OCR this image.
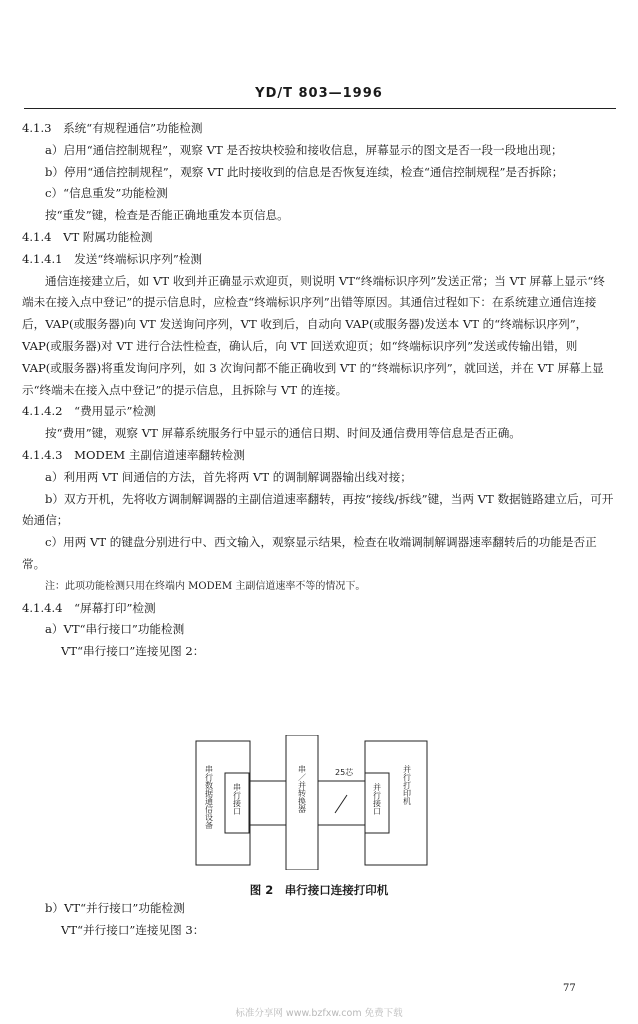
YD/T 803—1996

4.1.3　系统“有规程通信”功能检测

a）启用“通信控制规程”，观察 VT 是否按块校验和接收信息，屏幕显示的图文是否一段一段地出现；

b）停用“通信控制规程”，观察 VT 此时接收到的信息是否恢复连续，检查“通信控制规程”是否拆除；

c）“信息重发”功能检测

按“重发”键，检查是否能正确地重发本页信息。

4.1.4　VT 附属功能检测

4.1.4.1　发送“终端标识序列”检测

通信连接建立后，如 VT 收到并正确显示欢迎页，则说明 VT“终端标识序列”发送正常；当 VT 屏幕上显示“终端未在接入点中登记”的提示信息时，应检查“终端标识序列”出错等原因。其通信过程如下：在系统建立通信连接后，VAP(或服务器)向 VT 发送询问序列，VT 收到后，自动向 VAP(或服务器)发送本 VT 的“终端标识序列”，VAP(或服务器)对 VT 进行合法性检查，确认后，向 VT 回送欢迎页；如“终端标识序列”发送或传输出错，则 VAP(或服务器)将重发询问序列，如 3 次询问都不能正确收到 VT 的“终端标识序列”，就回送，并在 VT 屏幕上显示“终端未在接入点中登记”的提示信息，且拆除与 VT 的连接。

4.1.4.2　“费用显示”检测

按“费用”键，观察 VT 屏幕系统服务行中显示的通信日期、时间及通信费用等信息是否正确。

4.1.4.3　MODEM 主副信道速率翻转检测

a）利用两 VT 间通信的方法，首先将两 VT 的调制解调器输出线对接；

b）双方开机，先将收方调制解调器的主副信道速率翻转，再按“接线/拆线”键，当两 VT 数据链路建立后，可开始通信；

c）用两 VT 的键盘分别进行中、西文输入，观察显示结果，检查在收端调制解调器速率翻转后的功能是否正常。

注：此项功能检测只用在终端内 MODEM 主副信道速率不等的情况下。

4.1.4.4　“屏幕打印”检测

a）VT“串行接口”功能检测

VT“串行接口”连接见图 2：

串行数据通信设备 串行接口	串／并转换器	25芯
并行接口	并行打印机
图 2　串行接口连接打印机

b）VT“并行接口”功能检测

VT“并行接口”连接见图 3：

77
标准分享网 www.bzfxw.com 免费下载
